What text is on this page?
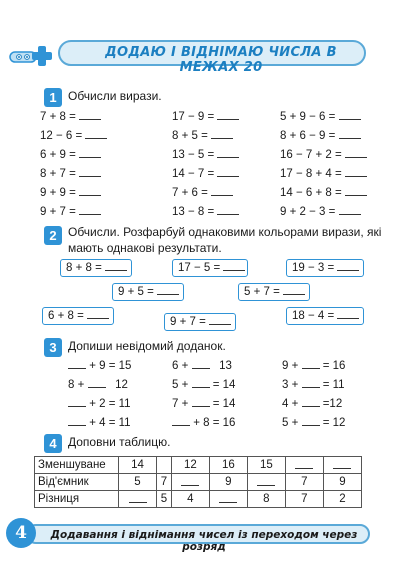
ДОДАЮ І ВІДНІМАЮ ЧИСЛА В МЕЖАХ 20
1 Обчисли вирази.
7 + 8 =
12 − 6 =
6 + 9 =
8 + 7 =
9 + 9 =
9 + 7 =
17 − 9 =
8 + 5 =
13 − 5 =
14 − 7 =
7 + 6 =
13 − 8 =
5 + 9 − 6 =
8 + 6 − 9 =
16 − 7 + 2 =
17 − 8 + 4 =
14 − 6 + 8 =
9 + 2 − 3 =
2 Обчисли. Розфарбуй однаковими кольорами вирази, які
мають однакові результати.
8 + 8 =	17 − 5 =	19 − 3 =
9 + 5 =	5 + 7 =
6 + 8 =	9 + 7 =	18 − 4 =
3 Допиши невідомий доданок.
+ 9 = 15	6 +    13	9 +  = 16
8 +    12	5 +  = 14	3 +  = 11
+ 2 = 11	7 +  = 14	4 +  =12
+ 4 = 11	+ 8 = 16	5 +  = 12
4 Доповни таблицю.
Зменшуване	14		12	16	15		
Від'ємник	5	7		9		7	9
Різниця		5	4		8	7	2
4	Додавання і віднімання чисел із переходом через розряд
